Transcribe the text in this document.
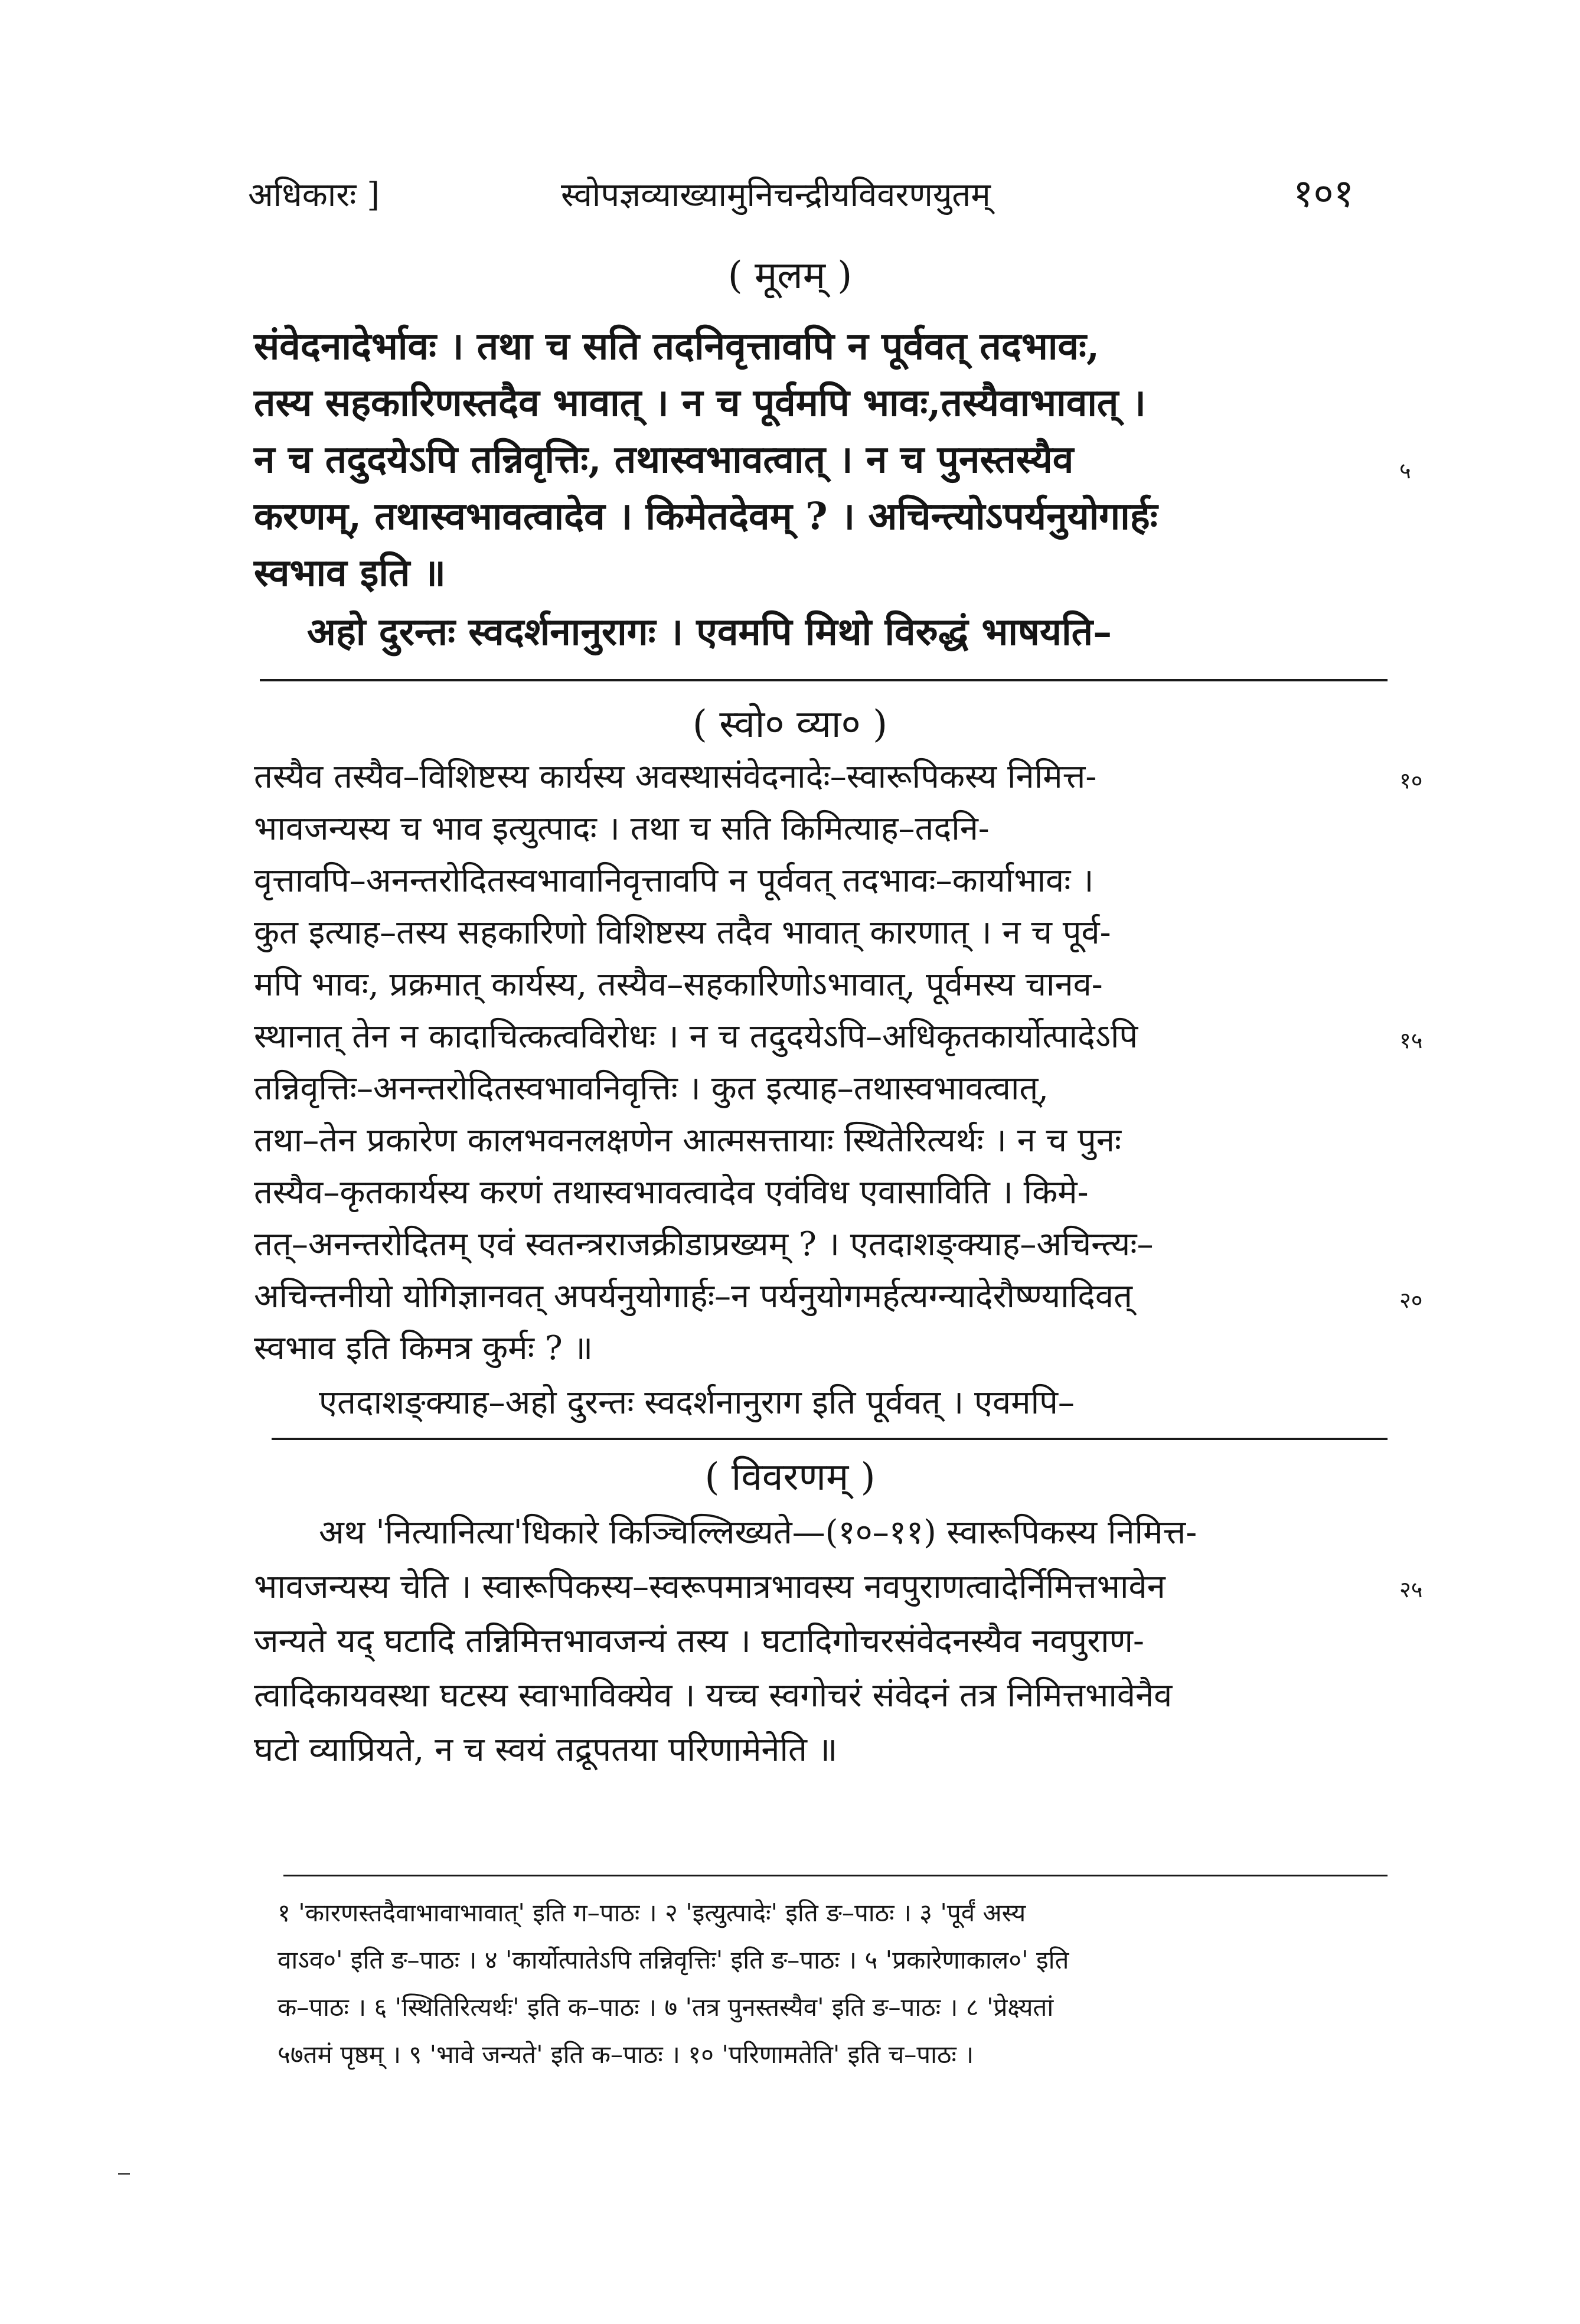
अधिकारः ]	स्वोपज्ञव्याख्यामुनिचन्द्रीयविवरणयुतम्	१०१
( मूलम् )
संवेदनादेर्भावः । तथा च सति तदनिवृत्तावपि न पूर्ववत् तदभावः,
तस्य सहकारिणस्तदैव भावात् । न च पूर्वमपि भावः,तस्यैवाभावात् ।
न च तदुदयेऽपि तन्निवृत्तिः, तथास्वभावत्वात् । न च पुनस्तस्यैव
करणम्, तथास्वभावत्वादेव । किमेतदेवम् ? । अचिन्त्योऽपर्यनुयोगार्हः
स्वभाव इति ॥
अहो दुरन्तः स्वदर्शनानुरागः । एवमपि मिथो विरुद्धं भाषयति–
५
( स्वो० व्या० )
तस्यैव तस्यैव–विशिष्टस्य कार्यस्य अवस्थासंवेदनादेः–स्वारूपिकस्य निमित्त-
भावजन्यस्य च भाव इत्युत्पादः । तथा च सति किमित्याह–तदनि-
वृत्तावपि–अनन्तरोदितस्वभावानिवृत्तावपि न पूर्ववत् तदभावः–कार्याभावः ।
कुत इत्याह–तस्य सहकारिणो विशिष्टस्य तदैव भावात् कारणात् । न च पूर्व-
मपि भावः, प्रक्रमात् कार्यस्य, तस्यैव–सहकारिणोऽभावात्, पूर्वमस्य चानव-
स्थानात् तेन न कादाचित्कत्वविरोधः । न च तदुदयेऽपि–अधिकृतकार्योत्पादेऽपि
तन्निवृत्तिः–अनन्तरोदितस्वभावनिवृत्तिः । कुत इत्याह–तथास्वभावत्वात्,
तथा–तेन प्रकारेण कालभवनलक्षणेन आत्मसत्तायाः स्थितेरित्यर्थः । न च पुनः
तस्यैव–कृतकार्यस्य करणं तथास्वभावत्वादेव एवंविध एवासाविति । किमे-
तत्–अनन्तरोदितम् एवं स्वतन्त्रराजक्रीडाप्रख्यम् ? । एतदाशङ्क्याह–अचिन्त्यः–
अचिन्तनीयो योगिज्ञानवत् अपर्यनुयोगार्हः–न पर्यनुयोगमर्हत्यग्न्यादेरौष्ण्यादिवत्
स्वभाव इति किमत्र कुर्मः ? ॥
एतदाशङ्क्याह–अहो दुरन्तः स्वदर्शनानुराग इति पूर्ववत् । एवमपि–
१०
१५
२०
( विवरणम् )
अथ 'नित्यानित्या'धिकारे किञ्चिल्लिख्यते—(१०–११) स्वारूपिकस्य निमित्त-
भावजन्यस्य चेति । स्वारूपिकस्य–स्वरूपमात्रभावस्य नवपुराणत्वादेर्निमित्तभावेन
जन्यते यद् घटादि तन्निमित्तभावजन्यं तस्य । घटादिगोचरसंवेदनस्यैव नवपुराण-
त्वादिकायवस्था घटस्य स्वाभाविक्येव । यच्च स्वगोचरं संवेदनं तत्र निमित्तभावेनैव
घटो व्याप्रियते, न च स्वयं तद्रूपतया परिणामेनेति ॥
२५
१ 'कारणस्तदैवाभावाभावात्' इति ग–पाठः । २ 'इत्युत्पादेः' इति ङ–पाठः । ३ 'पूर्वं अस्य
वाऽव०' इति ङ–पाठः । ४ 'कार्योत्पातेऽपि तन्निवृत्तिः' इति ङ–पाठः । ५ 'प्रकारेणाकाल०' इति
क–पाठः । ६ 'स्थितिरित्यर्थः' इति क–पाठः । ७ 'तत्र पुनस्तस्यैव' इति ङ–पाठः । ८ 'प्रेक्ष्यतां
५७तमं पृष्ठम् । ९ 'भावे जन्यते' इति क–पाठः । १० 'परिणामतेति' इति च–पाठः ।
